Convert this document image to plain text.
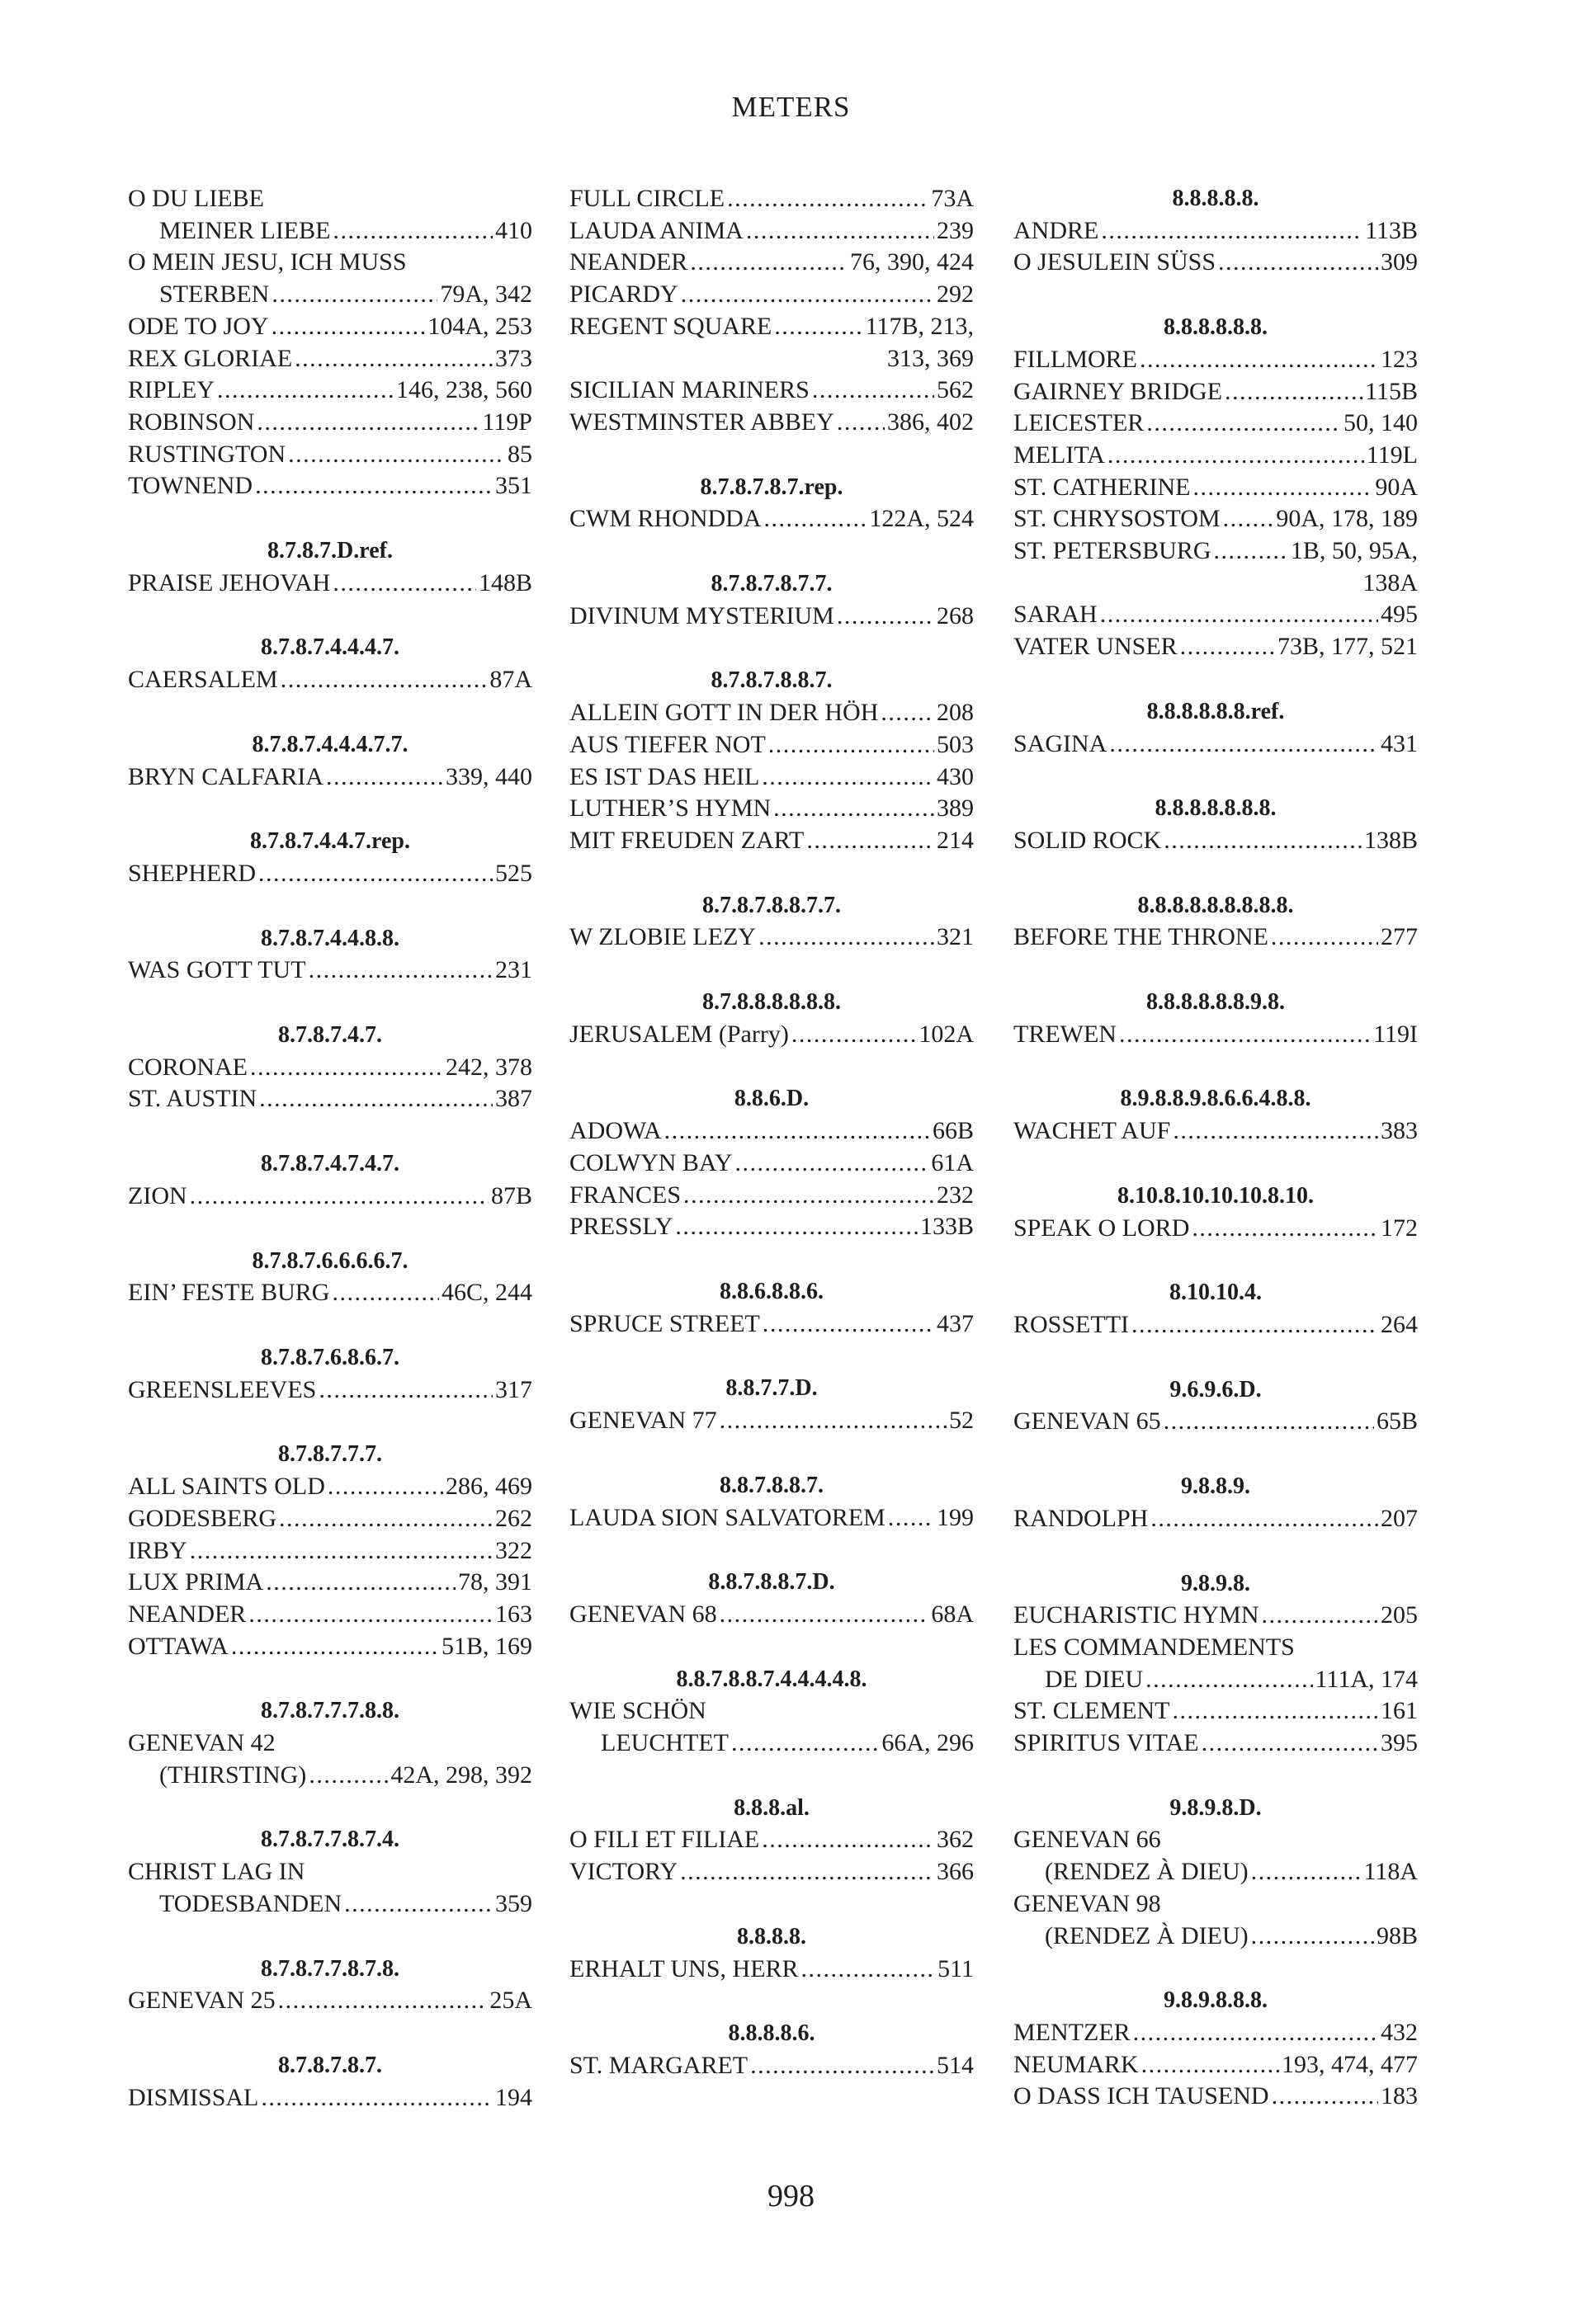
METERS
O DU LIEBE
MEINER LIEBE . . .	410
O MEIN JESU, ICH MUSS
STERBEN . . .	79A, 342
ODE TO JOY . . .	104A, 253
REX GLORIAE . . .	373
RIPLEY . . .	146, 238, 560
ROBINSON . . .	119P
RUSTINGTON . . .	85
TOWNEND . . .	351
8.7.8.7.D.ref.
PRAISE JEHOVAH . . .	148B
8.7.8.7.4.4.4.7.
CAERSALEM . . .	87A
8.7.8.7.4.4.4.7.7.
BRYN CALFARIA . . .	339, 440
8.7.8.7.4.4.7.rep.
SHEPHERD . . .	525
8.7.8.7.4.4.8.8.
WAS GOTT TUT . . .	231
8.7.8.7.4.7.
CORONAE . . .	242, 378
ST. AUSTIN . . .	387
8.7.8.7.4.7.4.7.
ZION . . .	87B
8.7.8.7.6.6.6.6.7.
EIN’ FESTE BURG . . .	46C, 244
8.7.8.7.6.8.6.7.
GREENSLEEVES . . .	317
8.7.8.7.7.7.
ALL SAINTS OLD . . .	286, 469
GODESBERG . . .	262
IRBY . . .	322
LUX PRIMA . . .	78, 391
NEANDER . . .	163
OTTAWA . . .	51B, 169
8.7.8.7.7.7.8.8.
GENEVAN 42
(THIRSTING) . . .	42A, 298, 392
8.7.8.7.7.8.7.4.
CHRIST LAG IN
TODESBANDEN . . .	359
8.7.8.7.7.8.7.8.
GENEVAN 25 . . .	25A
8.7.8.7.8.7.
DISMISSAL . . .	194
FULL CIRCLE . . .	73A
LAUDA ANIMA . . .	239
NEANDER . . .	76, 390, 424
PICARDY . . .	292
REGENT SQUARE . . .	117B, 213,
313, 369
SICILIAN MARINERS . . .	562
WESTMINSTER ABBEY . . . 386, 402
8.7.8.7.8.7.rep.
CWM RHONDDA . . .	122A, 524
8.7.8.7.8.7.7.
DIVINUM MYSTERIUM . . .	268
8.7.8.7.8.8.7.
ALLEIN GOTT IN DER HÖH . . . 208
AUS TIEFER NOT . . .	503
ES IST DAS HEIL . . .	430
LUTHER’S HYMN . . .	389
MIT FREUDEN ZART . . .	214
8.7.8.7.8.8.7.7.
W ZLOBIE LEZY . . .	321
8.7.8.8.8.8.8.8.
JERUSALEM (Parry) . . .	102A
8.8.6.D.
ADOWA . . .	66B
COLWYN BAY . . .	61A
FRANCES . . .	232
PRESSLY . . .	133B
8.8.6.8.8.6.
SPRUCE STREET . . .	437
8.8.7.7.D.
GENEVAN 77 . . .	52
8.8.7.8.8.7.
LAUDA SION SALVATOREM . . . 199
8.8.7.8.8.7.D.
GENEVAN 68 . . .	68A
8.8.7.8.8.7.4.4.4.4.8.
WIE SCHÖN
LEUCHTET . . .	66A, 296
8.8.8.al.
O FILI ET FILIAE . . .	362
VICTORY . . .	366
8.8.8.8.
ERHALT UNS, HERR . . .	511
8.8.8.8.6.
ST. MARGARET . . .	514
8.8.8.8.8.
ANDRE . . .	113B
O JESULEIN SÜSS . . .	309
8.8.8.8.8.8.
FILLMORE . . .	123
GAIRNEY BRIDGE . . .	115B
LEICESTER . . .	50, 140
MELITA . . .	119L
ST. CATHERINE . . .	90A
ST. CHRYSOSTOM . . . 90A, 178, 189
ST. PETERSBURG . . .	1B, 50, 95A,
138A
SARAH . . .	495
VATER UNSER . . .	73B, 177, 521
8.8.8.8.8.8.ref.
SAGINA . . .	431
8.8.8.8.8.8.8.
SOLID ROCK . . .	138B
8.8.8.8.8.8.8.8.8.
BEFORE THE THRONE . . .	277
8.8.8.8.8.8.9.8.
TREWEN . . .	119I
8.9.8.8.9.8.6.6.4.8.8.
WACHET AUF . . .	383
8.10.8.10.10.10.8.10.
SPEAK O LORD . . .	172
8.10.10.4.
ROSSETTI . . .	264
9.6.9.6.D.
GENEVAN 65 . . .	65B
9.8.8.9.
RANDOLPH . . .	207
9.8.9.8.
EUCHARISTIC HYMN . . .	205
LES COMMANDEMENTS
DE DIEU . . .	111A, 174
ST. CLEMENT . . .	161
SPIRITUS VITAE . . .	395
9.8.9.8.D.
GENEVAN 66
(RENDEZ À DIEU) . . .	118A
GENEVAN 98
(RENDEZ À DIEU) . . .	98B
9.8.9.8.8.8.
MENTZER . . .	432
NEUMARK . . .	193, 474, 477
O DASS ICH TAUSEND . . .	183
998
